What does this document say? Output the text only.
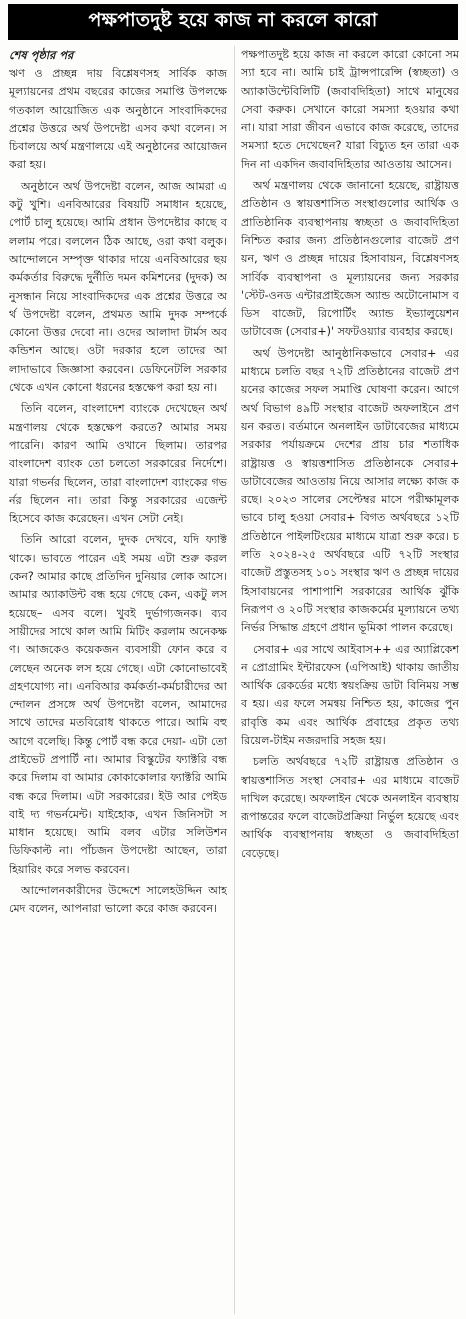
পক্ষপাতদুষ্ট হয়ে কাজ না করলে কারো
শেষ পৃষ্ঠার পর

ঋণ ও প্রচ্ছন্ন দায় বিশ্লেষণসহ সার্বিক কাজ মূল্যায়নের প্রথম বছরের কাজের সমাপ্তি উপলক্ষে গতকাল আয়োজিত এক অনুষ্ঠানে সাংবাদিকদের প্রশ্নের উত্তরে অর্থ উপদেষ্টা এসব কথা বলেন। সচিবালয়ে অর্থ মন্ত্রণালয়ে এই অনুষ্ঠানের আয়োজন করা হয়।

অনুষ্ঠানে অর্থ উপদেষ্টা বলেন, আজ আমরা একটু খুশি। এনবিআরের বিষয়টি সমাধান হয়েছে, পোর্ট চালু হয়েছে। আমি প্রধান উপদেষ্টার কাছে বললাম পরে। বললেন ঠিক আছে, ওরা কথা বলুক। আন্দোলনে সম্পৃক্ত থাকার দায়ে এনবিআরের ছয় কর্মকর্তার বিরুদ্ধে দুর্নীতি দমন কমিশনের (দুদক) অনুসন্ধান নিয়ে সাংবাদিকদের এক প্রশ্নের উত্তরে অর্থ উপদেষ্টা বলেন, প্রথমত আমি দুদক সম্পর্কে কোনো উত্তর দেবো না। ওদের আলাদা টার্মস অব কন্ডিশন আছে। ওটা দরকার হলে তাদের আলাদাভাবে জিজ্ঞাসা করবেন। ডেফিনেটলি সরকার থেকে এখন কোনো ধরনের হস্তক্ষেপ করা হয় না।

তিনি বলেন, বাংলাদেশ ব্যাংকে দেখেছেন অর্থ মন্ত্রণালয় থেকে হস্তক্ষেপ করতে? আমার সময় পারেনি। কারণ আমি ওখানে ছিলাম। তারপর বাংলাদেশ ব্যাংক তো চলতো সরকারের নির্দেশে। যারা গভর্নর ছিলেন, তারা বাংলাদেশ ব্যাংকের গভর্নর ছিলেন না। তারা কিন্তু সরকারের এজেন্ট হিসেবে কাজ করেছেন। এখন সেটা নেই।

তিনি আরো বলেন, দুদক দেখবে, যদি ফ্যাক্ট থাকে। ভাবতে পারেন এই সময় এটা শুরু করল কেন? আমার কাছে প্রতিদিন দুনিয়ার লোক আসে। আমার অ্যাকাউন্ট বন্ধ হয়ে গেছে কেন, একটু লস হয়েছে– এসব বলে। খুবই দুর্ভাগ্যজনক। ব্যবসায়ীদের সাথে কাল আমি মিটিং করলাম অনেকক্ষণ। আজকেও কয়েকজন ব্যবসায়ী ফোন করে বলেছেন অনেক লস হয়ে গেছে। এটা কোনোভাবেই গ্রহণযোগ্য না। এনবিআর কর্মকর্তা-কর্মচারীদের আন্দোলন প্রসঙ্গে অর্থ উপদেষ্টা বলেন, আমাদের সাথে তাদের মতবিরোধ থাকতে পারে। আমি বহু আগে বলেছি। কিন্তু পোর্ট বন্ধ করে দেয়া- এটা তো প্রাইভেট প্রপার্টি না। আমার বিস্কুটের ফ্যাক্টরি বন্ধ করে দিলাম বা আমার কোকাকোলার ফ্যাক্টরি আমি বন্ধ করে দিলাম। এটা সরকারের। ইউ আর পেইড বাই দ্য গভর্নমেন্ট। যাইহোক, এখন জিনিসটা সমাধান হয়েছে। আমি বলব এটার সলিউশন ডিফিকাল্ট না। পাঁচজন উপদেষ্টা আছেন, তারা হিয়ারিং করে সলভ করবেন।

আন্দোলনকারীদের উদ্দেশে সালেহউদ্দিন আহমেদ বলেন, আপনারা ভালো করে কাজ করবেন।

পক্ষপাতদুষ্ট হয়ে কাজ না করলে কারো কোনো সমস্যা হবে না। আমি চাই ট্রান্সপারেন্সি (স্বচ্ছতা) ও অ্যাকাউন্টেবিলিটি (জবাবদিহিতা) সাথে মানুষের সেবা করুক। সেখানে কারো সমস্যা হওয়ার কথা না। যারা সারা জীবন এভাবে কাজ করেছে, তাদের সমস্যা হতে দেখেছেন? যারা বিচ্যুত হন তারা একদিন না একদিন জবাবদিহিতার আওতায় আসেন।

অর্থ মন্ত্রণালয় থেকে জানানো হয়েছে, রাষ্ট্রায়ত্ত প্রতিষ্ঠান ও স্বায়ত্তশাসিত সংস্থাগুলোর আর্থিক ও প্রাতিষ্ঠানিক ব্যবস্থাপনায় স্বচ্ছতা ও জবাবদিহিতা নিশ্চিত করার জন্য প্রতিষ্ঠানগুলোর বাজেট প্রণয়ন, ঋণ ও প্রচ্ছন্ন দায়ের হিসাবায়ন, বিশ্লেষণসহ সার্বিক ব্যবস্থাপনা ও মূল্যায়নের জন্য সরকার 'স্টেট-ওনড এন্টারপ্রাইজেস অ্যান্ড অটোনোমাস বডিস বাজেট, রিপোর্টিং অ্যান্ড ইভ্যালুয়েশন ডাটাবেজ (সেবার+)' সফটওয়্যার ব্যবহার করছে।

অর্থ উপদেষ্টা আনুষ্ঠানিকভাবে সেবার+ এর মাধ্যমে চলতি বছর ৭২টি প্রতিষ্ঠানের বাজেট প্রণয়নের কাজের সফল সমাপ্তি ঘোষণা করেন। আগে অর্থ বিভাগ ৪৯টি সংস্থার বাজেট অফলাইনে প্রণয়ন করত। বর্তমানে অনলাইন ডাটাবেজের মাধ্যমে সরকার পর্যায়ক্রমে দেশের প্রায় চার শতাধিক রাষ্ট্রায়ত্ত ও স্বায়ত্তশাসিত প্রতিষ্ঠানকে সেবার+ ডাটাবেজের আওতায় নিয়ে আসার লক্ষ্যে কাজ করছে। ২০২৩ সালের সেপ্টেম্বর মাসে পরীক্ষামূলকভাবে চালু হওয়া সেবার+ বিগত অর্থবছরে ১২টি প্রতিষ্ঠানে পাইলটিংয়ের মাধ্যমে যাত্রা শুরু করে। চলতি ২০২৪-২৫ অর্থবছরে এটি ৭২টি সংস্থার বাজেট প্রস্তুতসহ ১০১ সংস্থার ঋণ ও প্রচ্ছন্ন দায়ের হিসাবায়নের পাশাপাশি সরকারের আর্থিক ঝুঁকি নিরূপণ ও ২০টি সংস্থার কাজকর্মের মূল্যায়নে তথ্যনির্ভর সিদ্ধান্ত গ্রহণে প্রধান ভূমিকা পালন করেছে।

সেবার+ এর সাথে আইবাস++ এর অ্যাপ্লিকেশন প্রোগ্রামিং ইন্টারফেস (এপিআই) থাকায় জাতীয় আর্থিক রেকর্ডের মধ্যে স্বয়ংক্রিয় ডাটা বিনিময় সম্ভব হয়। এর ফলে সমন্বয় নিশ্চিত হয়, কাজের পুনরাবৃত্তি কম এবং আর্থিক প্রবাহের প্রকৃত তথ্য রিয়েল-টাইম নজরদারি সহজ হয়।

চলতি অর্থবছরে ৭২টি রাষ্ট্রায়ত্ত প্রতিষ্ঠান ও স্বায়ত্তশাসিত সংস্থা সেবার+ এর মাধ্যমে বাজেট দাখিল করেছে। অফলাইন থেকে অনলাইন ব্যবস্থায় রূপান্তরের ফলে বাজেটপ্রক্রিয়া নির্ভুল হয়েছে এবং আর্থিক ব্যবস্থাপনায় স্বচ্ছতা ও জবাবদিহিতা বেড়েছে।
